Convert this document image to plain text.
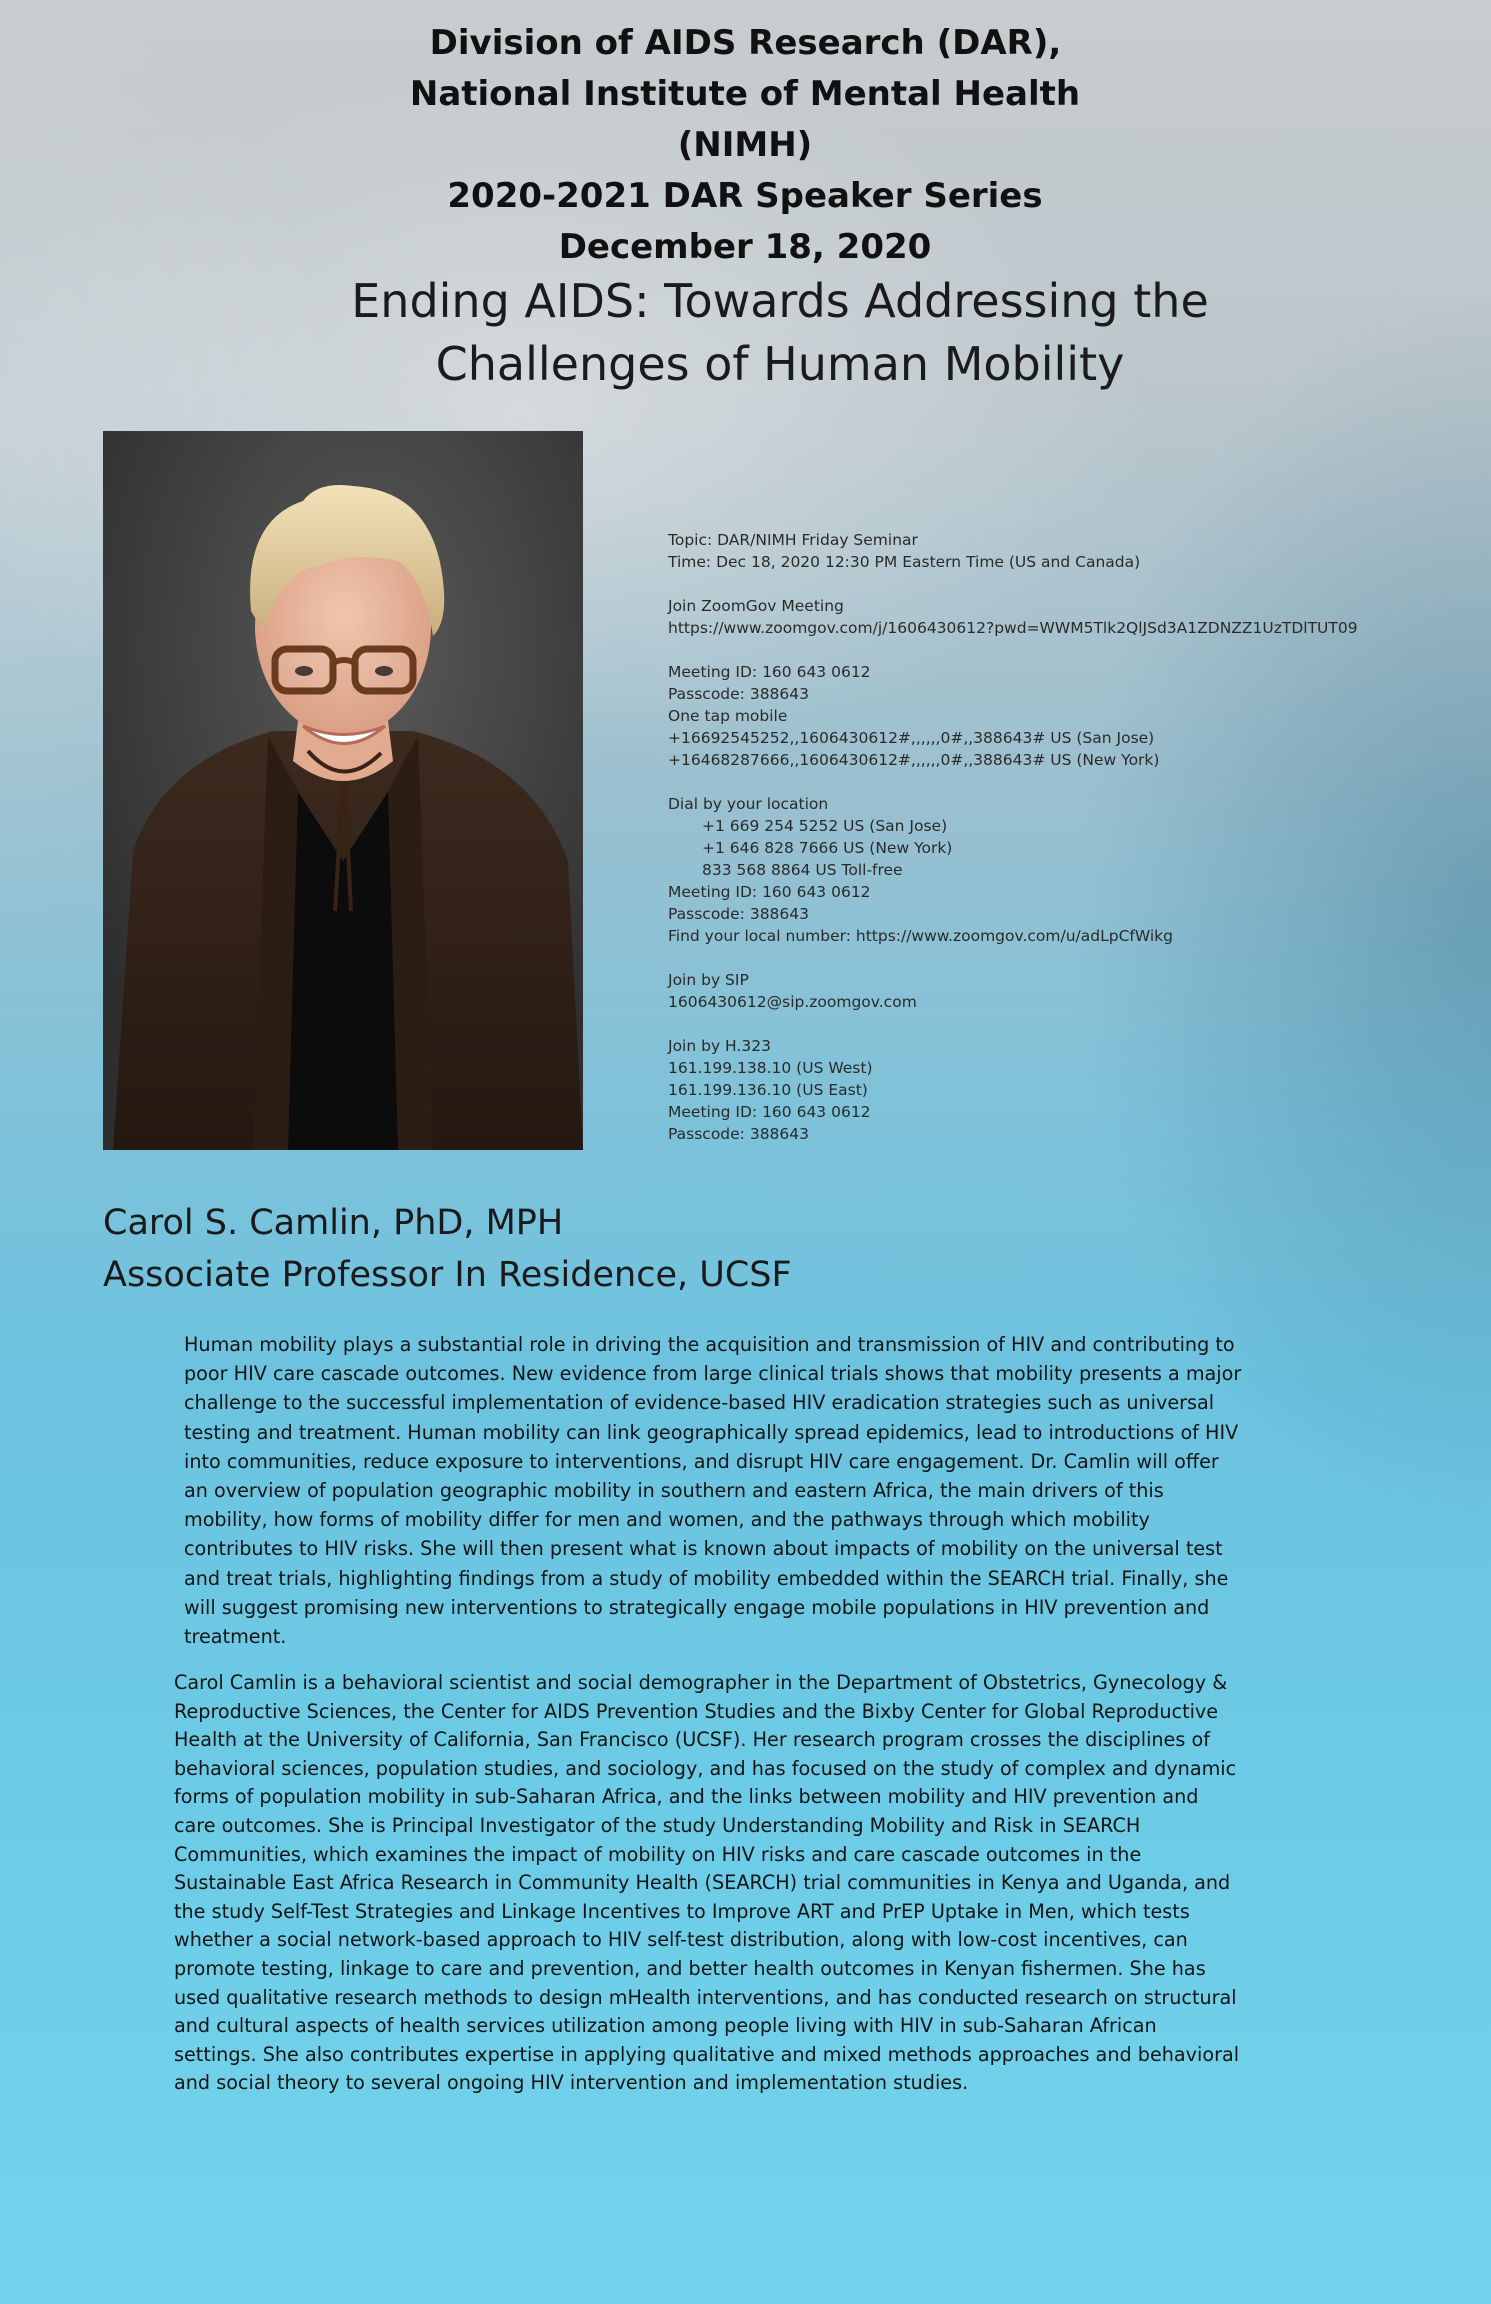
Division of AIDS Research (DAR),
National Institute of Mental Health
(NIMH)
2020-2021 DAR Speaker Series
December 18, 2020
Ending AIDS: Towards Addressing the
Challenges of Human Mobility
Topic: DAR/NIMH Friday Seminar
Time: Dec 18, 2020 12:30 PM Eastern Time (US and Canada)
Join ZoomGov Meeting
https://www.zoomgov.com/j/1606430612?pwd=WWM5Tlk2QlJSd3A1ZDNZZ1UzTDlTUT09
Meeting ID: 160 643 0612
Passcode: 388643
One tap mobile
+16692545252,,1606430612#,,,,,,0#,,388643# US (San Jose)
+16468287666,,1606430612#,,,,,,0#,,388643# US (New York)
Dial by your location
+1 669 254 5252 US (San Jose)
+1 646 828 7666 US (New York)
833 568 8864 US Toll-free
Meeting ID: 160 643 0612
Passcode: 388643
Find your local number: https://www.zoomgov.com/u/adLpCfWikg
Join by SIP
1606430612@sip.zoomgov.com
Join by H.323
161.199.138.10 (US West)
161.199.136.10 (US East)
Meeting ID: 160 643 0612
Passcode: 388643
Carol S. Camlin, PhD, MPH
Associate Professor In Residence, UCSF
Human mobility plays a substantial role in driving the acquisition and transmission of HIV and contributing to poor HIV care cascade outcomes. New evidence from large clinical trials shows that mobility presents a major challenge to the successful implementation of evidence-based HIV eradication strategies such as universal testing and treatment. Human mobility can link geographically spread epidemics, lead to introductions of HIV into communities, reduce exposure to interventions, and disrupt HIV care engagement. Dr. Camlin will offer an overview of population geographic mobility in southern and eastern Africa, the main drivers of this mobility, how forms of mobility differ for men and women, and the pathways through which mobility contributes to HIV risks. She will then present what is known about impacts of mobility on the universal test and treat trials, highlighting findings from a study of mobility embedded within the SEARCH trial. Finally, she will suggest promising new interventions to strategically engage mobile populations in HIV prevention and treatment.
Carol Camlin is a behavioral scientist and social demographer in the Department of Obstetrics, Gynecology & Reproductive Sciences, the Center for AIDS Prevention Studies and the Bixby Center for Global Reproductive Health at the University of California, San Francisco (UCSF). Her research program crosses the disciplines of behavioral sciences, population studies, and sociology, and has focused on the study of complex and dynamic forms of population mobility in sub-Saharan Africa, and the links between mobility and HIV prevention and care outcomes. She is Principal Investigator of the study Understanding Mobility and Risk in SEARCH Communities, which examines the impact of mobility on HIV risks and care cascade outcomes in the Sustainable East Africa Research in Community Health (SEARCH) trial communities in Kenya and Uganda, and the study Self-Test Strategies and Linkage Incentives to Improve ART and PrEP Uptake in Men, which tests whether a social network-based approach to HIV self-test distribution, along with low-cost incentives, can promote testing, linkage to care and prevention, and better health outcomes in Kenyan fishermen. She has used qualitative research methods to design mHealth interventions, and has conducted research on structural and cultural aspects of health services utilization among people living with HIV in sub-Saharan African settings. She also contributes expertise in applying qualitative and mixed methods approaches and behavioral and social theory to several ongoing HIV intervention and implementation studies.
